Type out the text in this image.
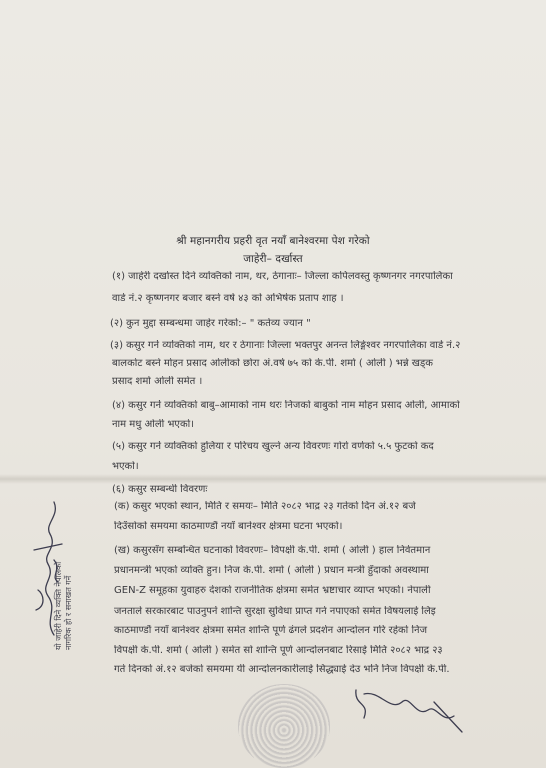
श्री महानगरीय प्रहरी वृत नयाँ बानेश्वरमा पेश गरेको
जाहेरी– दर्खास्त
(१) जाहेरी दर्खास्त दिने व्यक्तिको नाम, थर, ठेगानाः– जिल्ला कपिलवस्तु कृष्णनगर नगरपालिका
वार्ड नं.२ कृष्णनगर बजार बस्ने वर्ष ४३ को अभिषेक प्रताप शाह ।
(२) कुन मुद्दा सम्बन्धमा जाहेर गरेको:– " कर्तव्य ज्यान "
(३) कसुर गर्ने व्यक्तिको नाम, थर र ठेगानाः जिल्ला भक्तपुर अनन्त लिङ्गेश्वर नगरपालिका वार्ड नं.२
बालकोट बस्ने मोहन प्रसाद ओलीको छोरा अं.वर्ष ७५ को के.पी. शर्मा ( ओली ) भन्ने खड्क
प्रसाद शर्मा ओली समेत ।
(४) कसुर गर्ने व्यक्तिको बाबु–आमाको नाम थरः निजको बाबुको नाम मोहन प्रसाद ओली, आमाको
नाम मधु ओली भएको।
(५) कसुर गर्ने व्यक्तिको हुलिया र परिचय खुल्ने अन्य विवरणः गोरो वर्णको ५.५ फुटको कद
भएको।
(६) कसुर सम्बन्धी विवरणः
(क) कसुर भएको स्थान, मिति र समयः– मिति २०८२ भाद्र २३ गतेको दिन अं.१२ बजे
दिउँसोको समयमा काठमाण्डौं नयाँ बानेश्वर क्षेत्रमा घटना भएको।
(ख) कसुरसँग सम्बन्धित घटनाको विवरणः– विपक्षी के.पी. शर्मा ( ओली ) हाल निर्वतमान
प्रधानमन्त्री भएको व्यक्ति हुन। निज के.पी. शर्मा ( ओली ) प्रधान मन्त्री हुँदाको अवस्थामा
GEN-Z समूहका युवाहरु देशको राजनीतिक क्षेत्रमा समेत भ्रष्टाचार व्याप्त भएको। नेपाली
जनताले सरकारबाट पाउनुपर्ने शान्ति सुरक्षा सुविधा प्राप्त गर्न नपाएको समेत विषयलाई लिइ
काठमाण्डौं नयाँ बानेश्वर क्षेत्रमा समेत शान्ति पूर्ण ढंगले प्रदर्शन आन्दोलन गरि रहेको निज
विपक्षी के.पी. शर्मा ( ओली ) समेत सो शान्ति पूर्ण आन्दोलनबाट रिसाई मिति २०८२ भाद्र २३
गते दिनको अं.१२ बजेको समयमा यी आन्दोलनकारीलाई सिद्ध्याई देउ भनि निज विपक्षी के.पी.
यो जाहेरी दिने व्यक्ति नेपालको नागरिक हो र सनाखत गर्ने
